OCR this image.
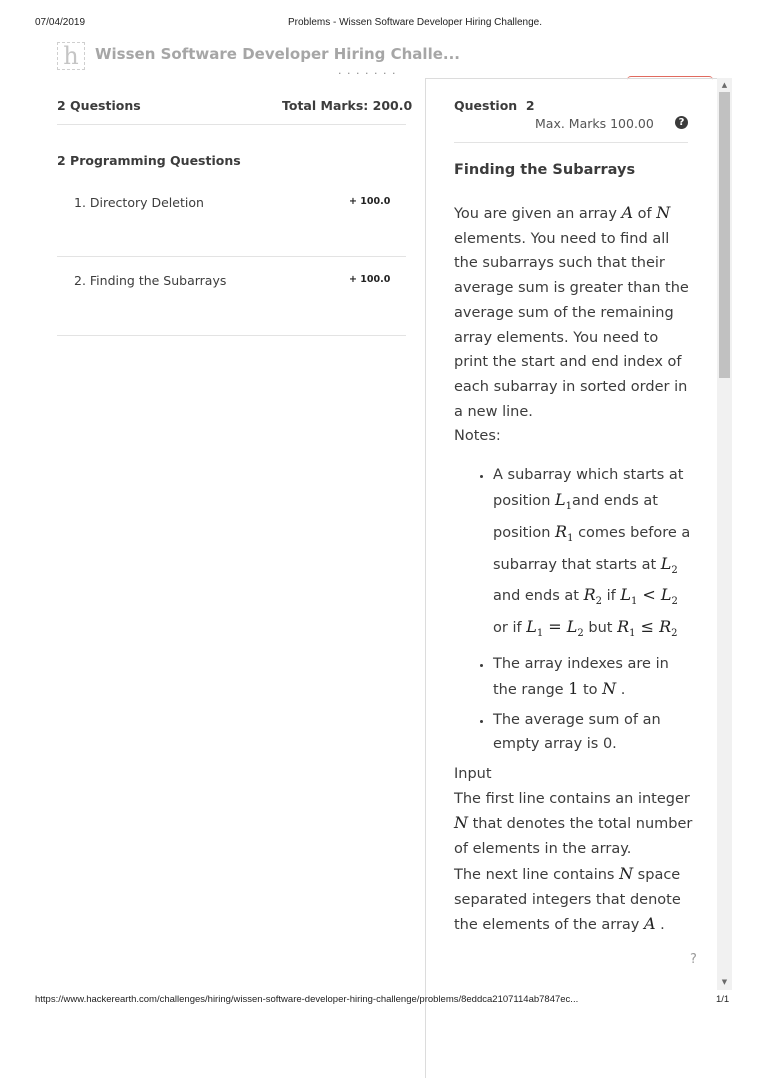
07/04/2019	Problems - Wissen Software Developer Hiring Challenge.
h Wissen Software Developer Hiring Challe...
· · · · · · ·
2 Questions	Total Marks: 200.0
2 Programming Questions
1. Directory Deletion	+ 100.0
2. Finding the Subarrays	+ 100.0
Question 2
Max. Marks 100.00	?
Finding the Subarrays

You are given an array A of N elements. You need to find all the subarrays such that their average sum is greater than the average sum of the remaining array elements. You need to print the start and end index of each subarray in sorted order in a new line.

Notes:

• A subarray which starts at position $L_1and$ ends at position $R_1$ comes before a subarray that starts at $L_2$ and ends at $R_2$ if $L_1 < L_2$ or if $L_1 = L_2$ but $R_1 \le R_2$
• The array indexes are in the range 1 to N .
• The average sum of an empty array is 0.

Input

The first line contains an integer N that denotes the total number of elements in the array.

The next line contains N space separated integers that denote the elements of the array A .

?
▲
▼
https://www.hackerearth.com/challenges/hiring/wissen-software-developer-hiring-challenge/problems/8eddca2107114ab7847ec...	1/1
